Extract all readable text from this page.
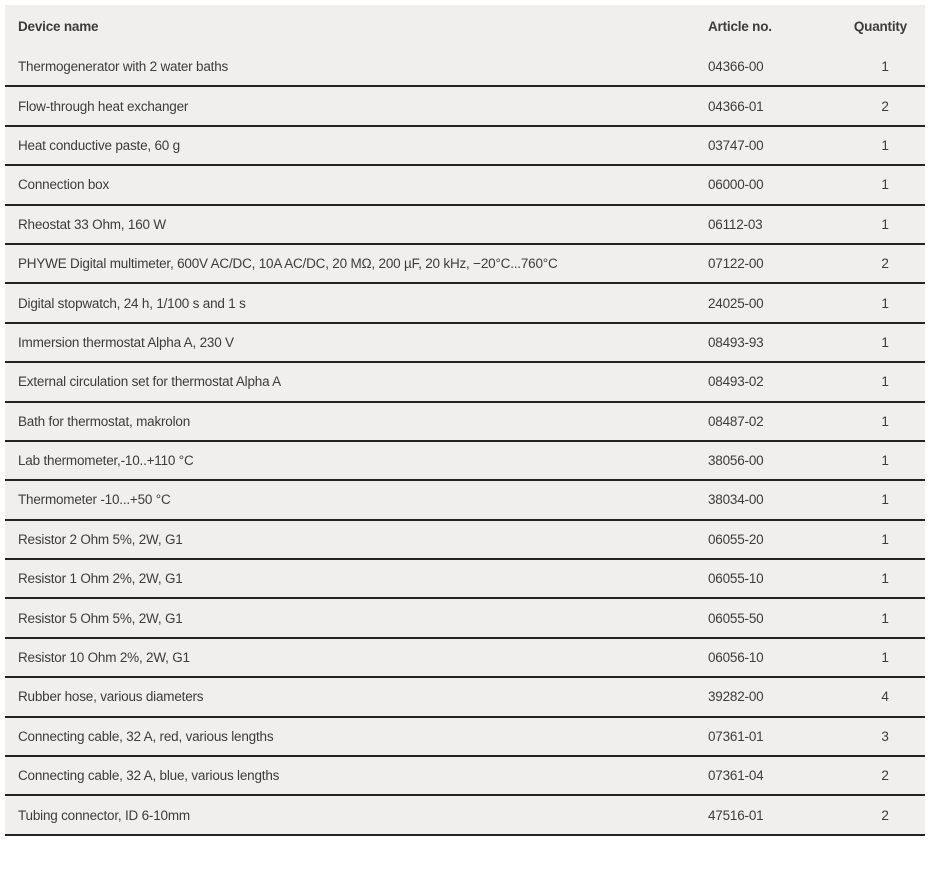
Device name	Article no.	Quantity
Thermogenerator with 2 water baths	04366-00	1
Flow-through heat exchanger	04366-01	2
Heat conductive paste, 60 g	03747-00	1
Connection box	06000-00	1
Rheostat 33 Ohm, 160 W	06112-03	1
PHYWE Digital multimeter, 600V AC/DC, 10A AC/DC, 20 MΩ, 200 µF, 20 kHz, −20°C...760°C	07122-00	2
Digital stopwatch, 24 h, 1/100 s and 1 s	24025-00	1
Immersion thermostat Alpha A, 230 V	08493-93	1
External circulation set for thermostat Alpha A	08493-02	1
Bath for thermostat, makrolon	08487-02	1
Lab thermometer,-10..+110 °C	38056-00	1
Thermometer -10...+50 °C	38034-00	1
Resistor 2 Ohm 5%, 2W, G1	06055-20	1
Resistor 1 Ohm 2%, 2W, G1	06055-10	1
Resistor 5 Ohm 5%, 2W, G1	06055-50	1
Resistor 10 Ohm 2%, 2W, G1	06056-10	1
Rubber hose, various diameters	39282-00	4
Connecting cable, 32 A, red, various lengths	07361-01	3
Connecting cable, 32 A, blue, various lengths	07361-04	2
Tubing connector, ID 6-10mm	47516-01	2
